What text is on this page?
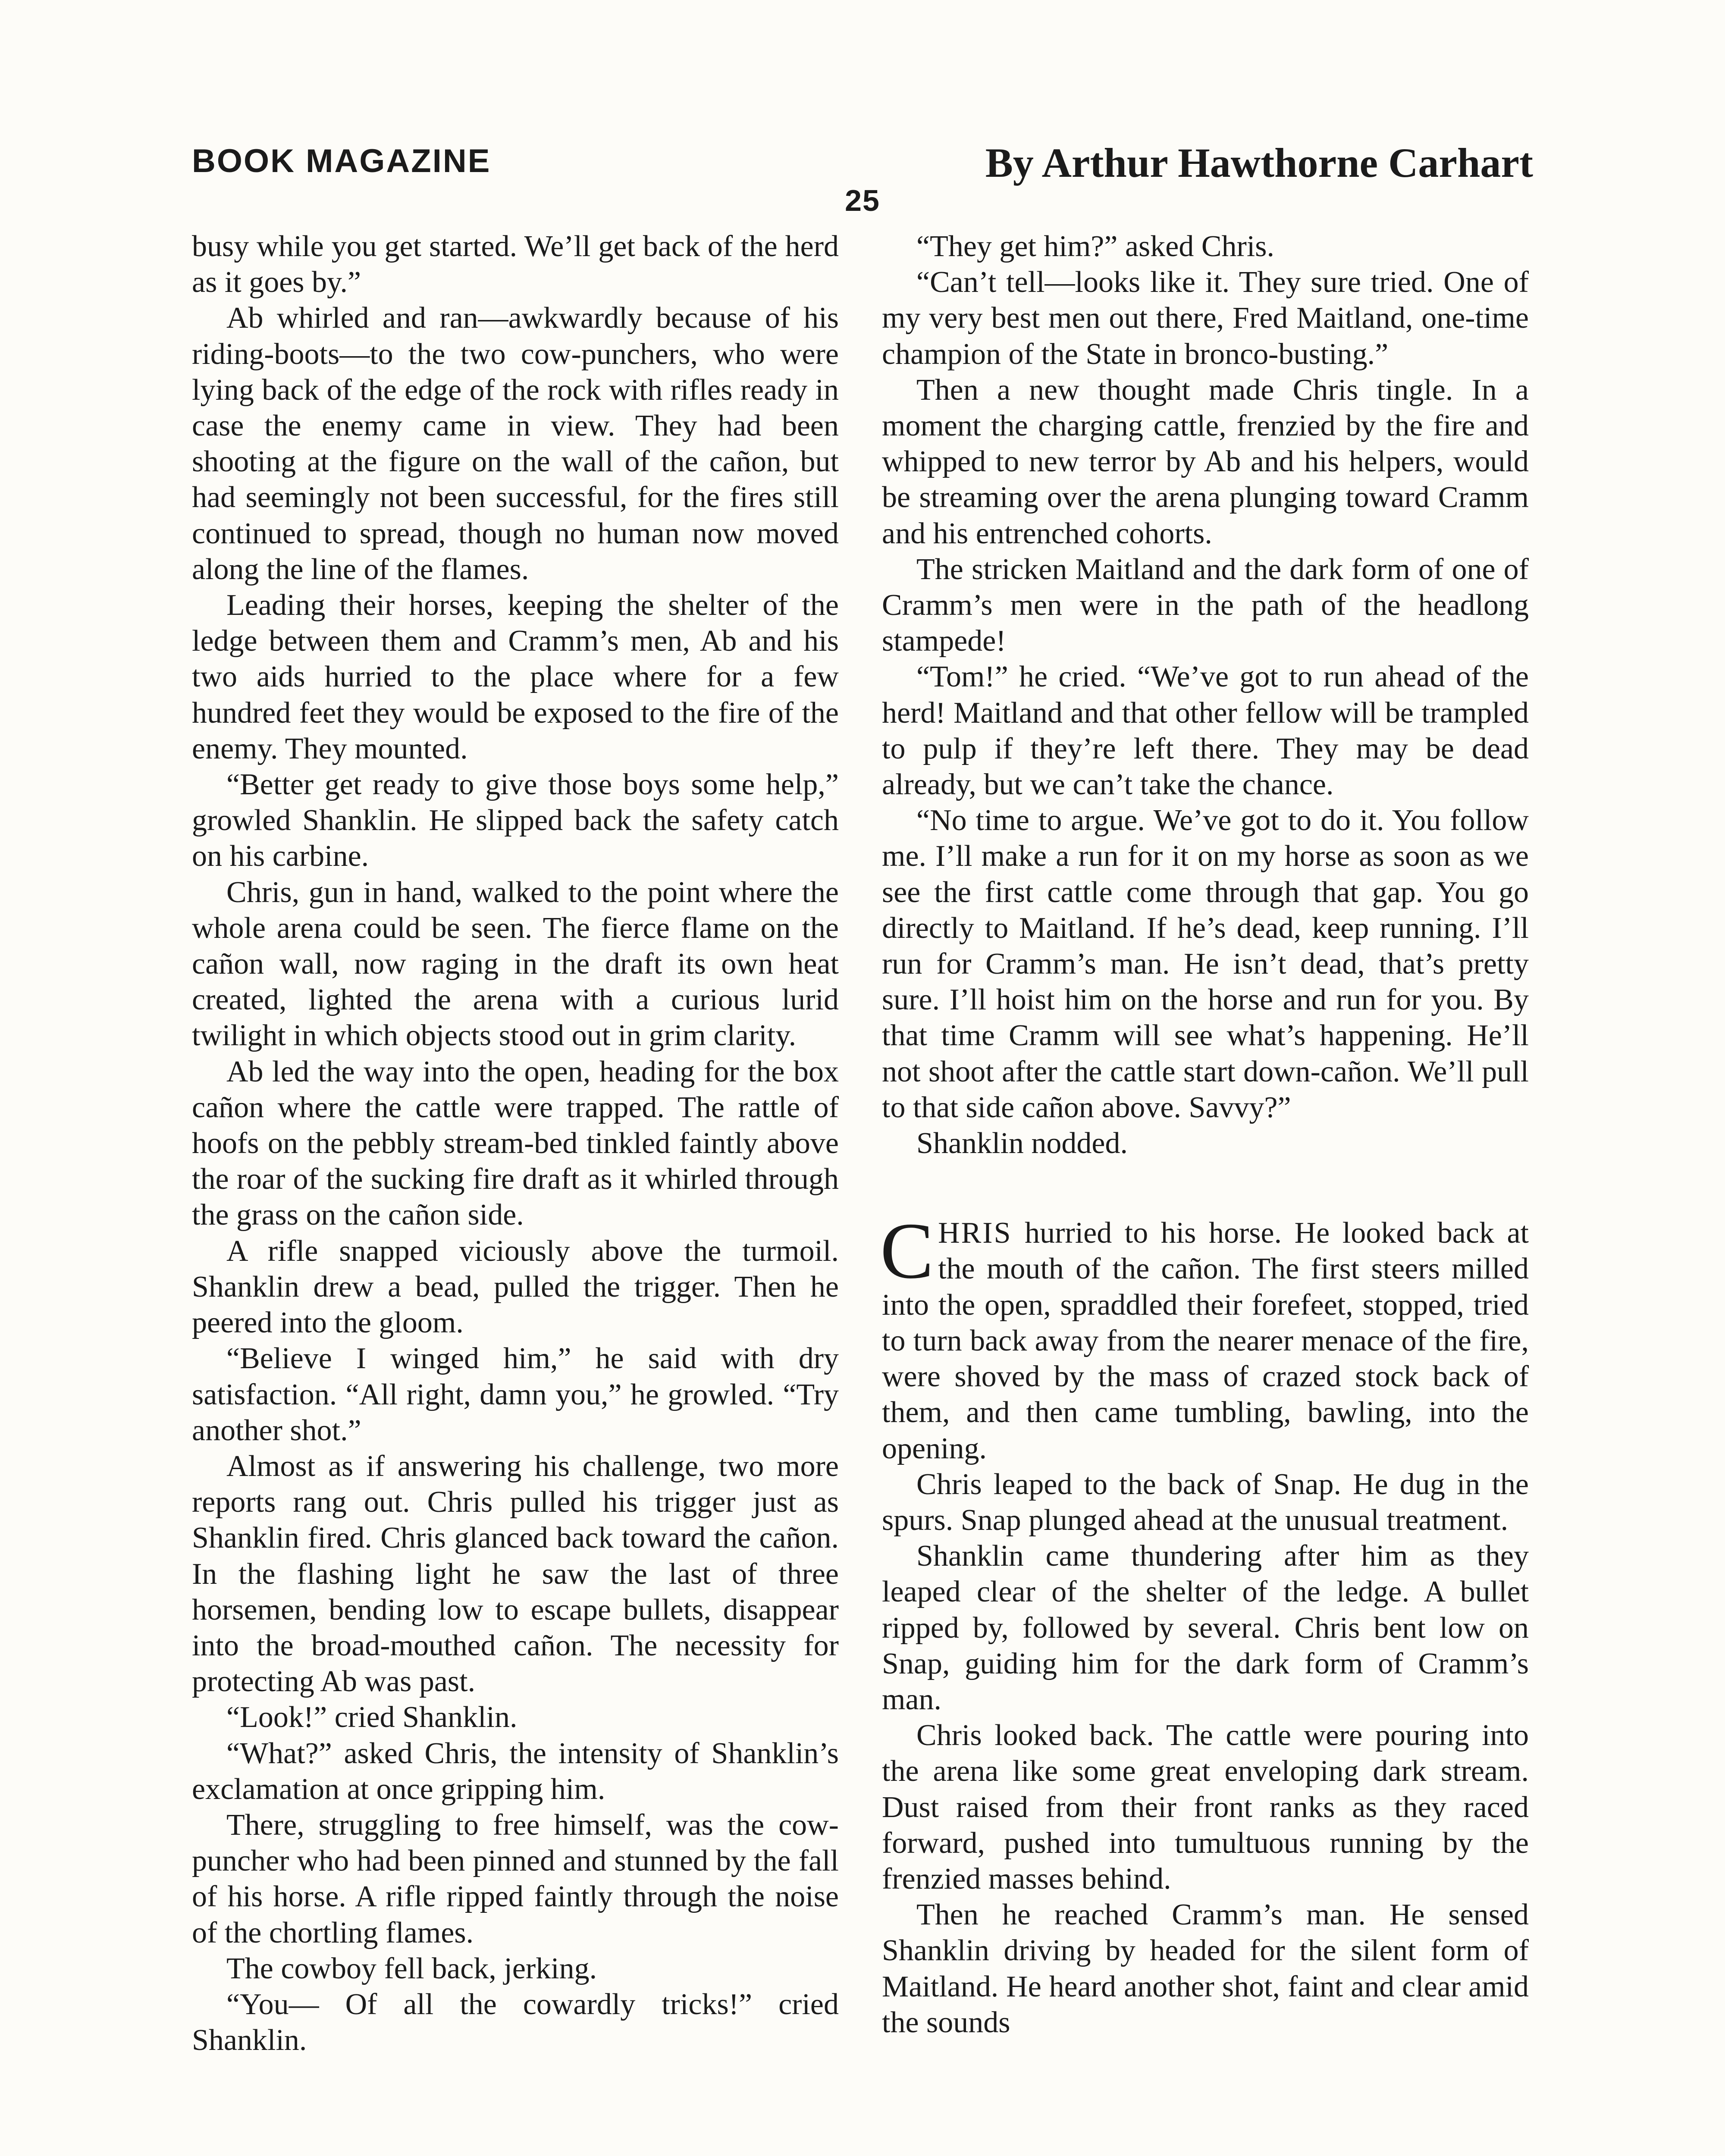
BOOK MAGAZINE	By Arthur Hawthorne Carhart
25

busy while you get started. We’ll get back of the herd as it goes by.”

Ab whirled and ran—awkwardly because of his riding-boots—to the two cow-punchers, who were lying back of the edge of the rock with rifles ready in case the enemy came in view. They had been shooting at the figure on the wall of the cañon, but had seemingly not been successful, for the fires still continued to spread, though no human now moved along the line of the flames.

Leading their horses, keeping the shelter of the ledge between them and Cramm’s men, Ab and his two aids hurried to the place where for a few hundred feet they would be exposed to the fire of the enemy. They mounted.

“Better get ready to give those boys some help,” growled Shanklin. He slipped back the safety catch on his carbine.

Chris, gun in hand, walked to the point where the whole arena could be seen. The fierce flame on the cañon wall, now raging in the draft its own heat created, lighted the arena with a curious lurid twilight in which objects stood out in grim clarity.

Ab led the way into the open, heading for the box cañon where the cattle were trapped. The rattle of hoofs on the pebbly stream-bed tinkled faintly above the roar of the sucking fire draft as it whirled through the grass on the cañon side.

A rifle snapped viciously above the turmoil. Shanklin drew a bead, pulled the trigger. Then he peered into the gloom.

“Believe I winged him,” he said with dry satisfaction. “All right, damn you,” he growled. “Try another shot.”

Almost as if answering his challenge, two more reports rang out. Chris pulled his trigger just as Shanklin fired. Chris glanced back toward the cañon. In the flashing light he saw the last of three horsemen, bending low to escape bullets, disappear into the broad-mouthed cañon. The necessity for protecting Ab was past.

“Look!” cried Shanklin.

“What?” asked Chris, the intensity of Shanklin’s exclamation at once gripping him.

There, struggling to free himself, was the cow-puncher who had been pinned and stunned by the fall of his horse. A rifle ripped faintly through the noise of the chortling flames.

The cowboy fell back, jerking.

“You— Of all the cowardly tricks!” cried Shanklin.

“They get him?” asked Chris.

“Can’t tell—looks like it. They sure tried. One of my very best men out there, Fred Maitland, one-time champion of the State in bronco-busting.”

Then a new thought made Chris tingle. In a moment the charging cattle, frenzied by the fire and whipped to new terror by Ab and his helpers, would be streaming over the arena plunging toward Cramm and his entrenched cohorts.

The stricken Maitland and the dark form of one of Cramm’s men were in the path of the headlong stampede!

“Tom!” he cried. “We’ve got to run ahead of the herd! Maitland and that other fellow will be trampled to pulp if they’re left there. They may be dead already, but we can’t take the chance.

“No time to argue. We’ve got to do it. You follow me. I’ll make a run for it on my horse as soon as we see the first cattle come through that gap. You go directly to Maitland. If he’s dead, keep running. I’ll run for Cramm’s man. He isn’t dead, that’s pretty sure. I’ll hoist him on the horse and run for you. By that time Cramm will see what’s happening. He’ll not shoot after the cattle start down-cañon. We’ll pull to that side cañon above. Savvy?”

Shanklin nodded.

CHRIS hurried to his horse. He looked back at the mouth of the cañon. The first steers milled into the open, spraddled their forefeet, stopped, tried to turn back away from the nearer menace of the fire, were shoved by the mass of crazed stock back of them, and then came tumbling, bawling, into the opening.

Chris leaped to the back of Snap. He dug in the spurs. Snap plunged ahead at the unusual treatment.

Shanklin came thundering after him as they leaped clear of the shelter of the ledge. A bullet ripped by, followed by several. Chris bent low on Snap, guiding him for the dark form of Cramm’s man.

Chris looked back. The cattle were pouring into the arena like some great enveloping dark stream. Dust raised from their front ranks as they raced forward, pushed into tumultuous running by the frenzied masses behind.

Then he reached Cramm’s man. He sensed Shanklin driving by headed for the silent form of Maitland. He heard another shot, faint and clear amid the sounds
